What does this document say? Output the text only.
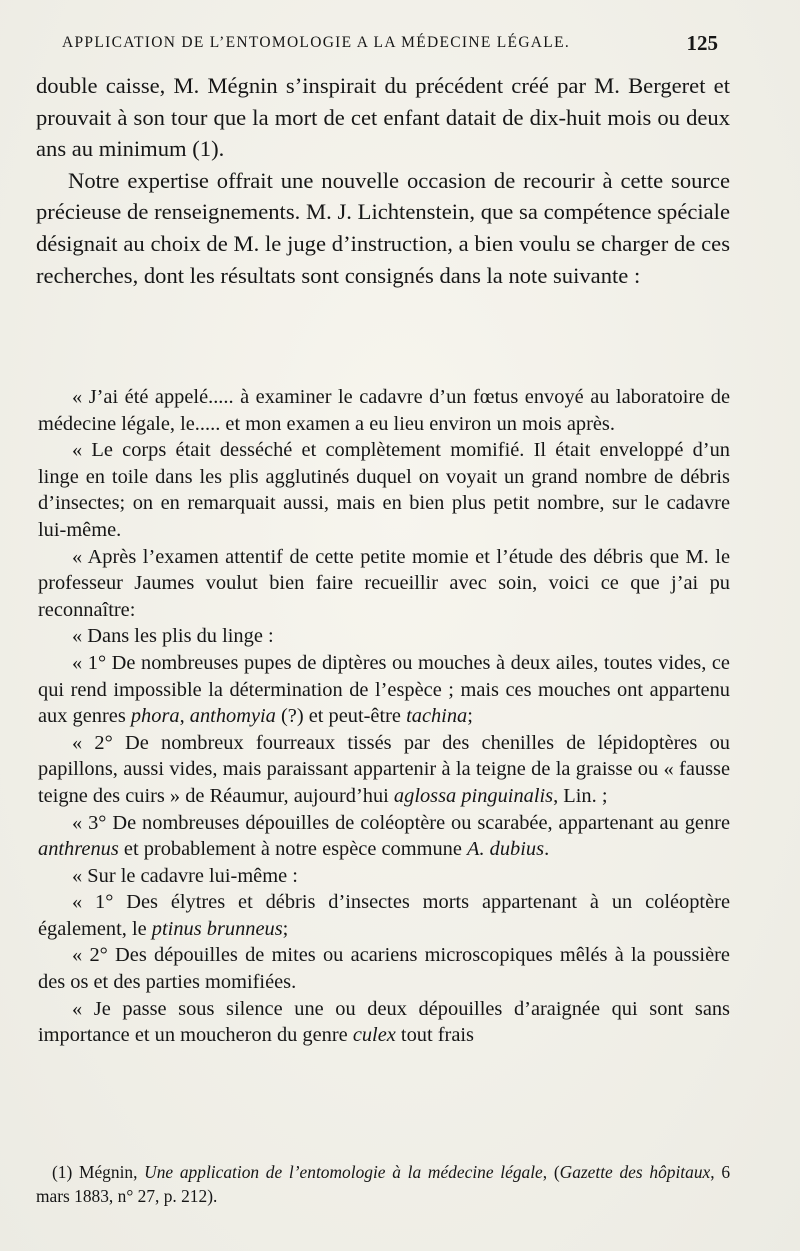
APPLICATION DE L’ENTOMOLOGIE A LA MÉDECINE LÉGALE.	125

double caisse, M. Mégnin s’inspirait du précédent créé par M. Bergeret et prouvait à son tour que la mort de cet enfant datait de dix-huit mois ou deux ans au minimum (1).

Notre expertise offrait une nouvelle occasion de recourir à cette source précieuse de renseignements. M. J. Lichtenstein, que sa compétence spéciale désignait au choix de M. le juge d’instruction, a bien voulu se charger de ces recherches, dont les résultats sont consignés dans la note suivante :

« J’ai été appelé..... à examiner le cadavre d’un fœtus envoyé au laboratoire de médecine légale, le..... et mon examen a eu lieu environ un mois après.

« Le corps était desséché et complètement momifié. Il était enveloppé d’un linge en toile dans les plis agglutinés duquel on voyait un grand nombre de débris d’insectes; on en remarquait aussi, mais en bien plus petit nombre, sur le cadavre lui-même.

« Après l’examen attentif de cette petite momie et l’étude des débris que M. le professeur Jaumes voulut bien faire recueillir avec soin, voici ce que j’ai pu reconnaître:

« Dans les plis du linge :

« 1° De nombreuses pupes de diptères ou mouches à deux ailes, toutes vides, ce qui rend impossible la détermination de l’espèce ; mais ces mouches ont appartenu aux genres phora, anthomyia (?) et peut-être tachina;

« 2° De nombreux fourreaux tissés par des chenilles de lépidoptères ou papillons, aussi vides, mais paraissant appartenir à la teigne de la graisse ou « fausse teigne des cuirs » de Réaumur, aujourd’hui aglossa pinguinalis, Lin. ;

« 3° De nombreuses dépouilles de coléoptère ou scarabée, appartenant au genre anthrenus et probablement à notre espèce commune A. dubius.

« Sur le cadavre lui-même :

« 1° Des élytres et débris d’insectes morts appartenant à un coléoptère également, le ptinus brunneus;

« 2° Des dépouilles de mites ou acariens microscopiques mêlés à la poussière des os et des parties momifiées.

« Je passe sous silence une ou deux dépouilles d’araignée qui sont sans importance et un moucheron du genre culex tout frais

(1) Mégnin, Une application de l’entomologie à la médecine légale, (Gazette des hôpitaux, 6 mars 1883, n° 27, p. 212).
